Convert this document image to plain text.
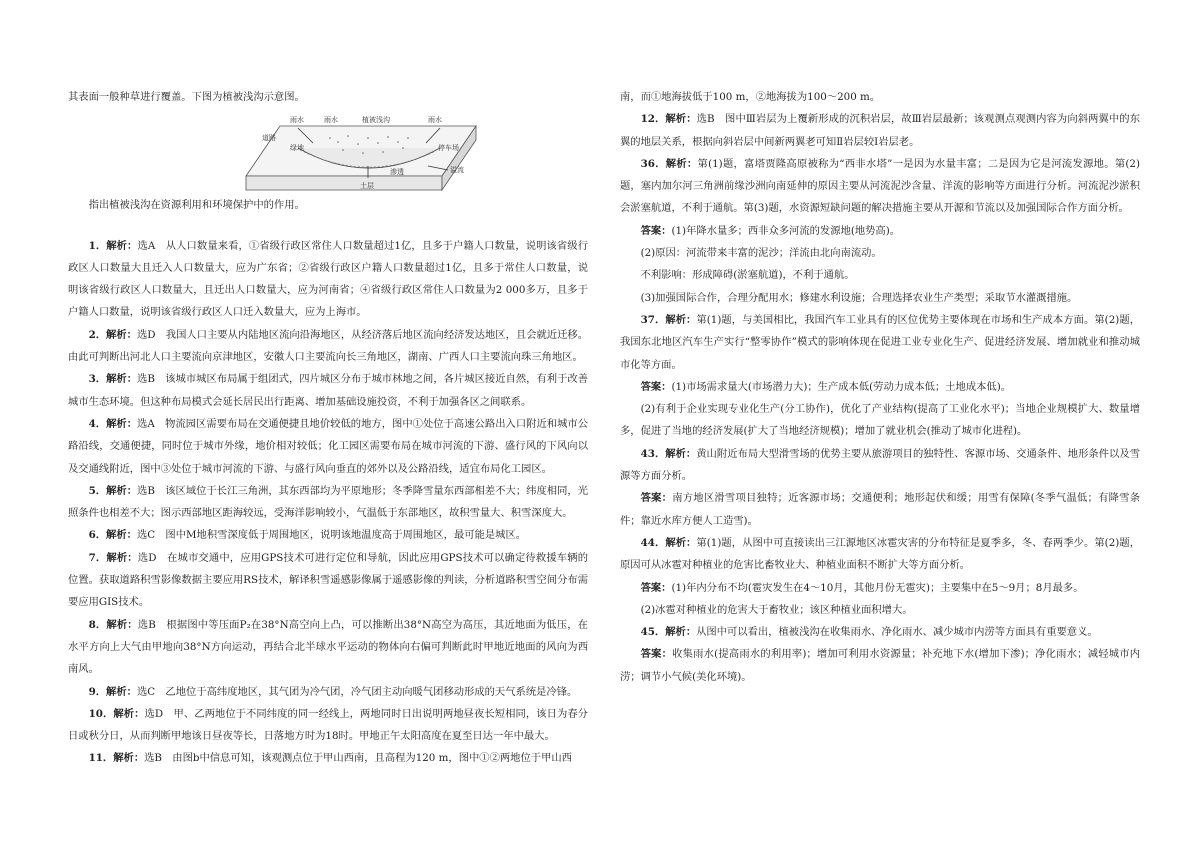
其表面一般种草进行覆盖。下图为植被浅沟示意图。

雨水
道路
绿地
雨水	植被浅沟	雨水
停车场
土层
渗透	溢流

指出植被浅沟在资源利用和环境保护中的作用。

1．解析：选A　从人口数量来看，①省级行政区常住人口数量超过1亿，且多于户籍人口数量，说明该省级行政区人口数量大且迁入人口数量大，应为广东省；②省级行政区户籍人口数量超过1亿，且多于常住人口数量，说明该省级行政区人口数量大，且迁出人口数量大，应为河南省；④省级行政区常住人口数量为2 000多万，且多于户籍人口数量，说明该省级行政区人口迁入数量大，应为上海市。

2．解析：选D　我国人口主要从内陆地区流向沿海地区，从经济落后地区流向经济发达地区，且会就近迁移。由此可判断出河北人口主要流向京津地区，安徽人口主要流向长三角地区，湖南、广西人口主要流向珠三角地区。

3．解析：选B　该城市城区布局属于组团式，四片城区分布于城市林地之间，各片城区接近自然，有利于改善城市生态环境。但这种布局模式会延长居民出行距离、增加基础设施投资，不利于加强各区之间联系。

4．解析：选A　物流园区需要布局在交通便捷且地价较低的地方，图中①处位于高速公路出入口附近和城市公路沿线，交通便捷，同时位于城市外缘，地价相对较低；化工园区需要布局在城市河流的下游、盛行风的下风向以及交通线附近，图中③处位于城市河流的下游、与盛行风向垂直的郊外以及公路沿线，适宜布局化工园区。

5．解析：选B　该区域位于长江三角洲，其东西部均为平原地形；冬季降雪量东西部相差不大；纬度相同，光照条件也相差不大；图示西部地区距海较远，受海洋影响较小，气温低于东部地区，故积雪量大、积雪深度大。

6．解析：选C　图中M地积雪深度低于周围地区，说明该地温度高于周围地区，最可能是城区。

7．解析：选D　在城市交通中，应用GPS技术可进行定位和导航，因此应用GPS技术可以确定待救援车辆的位置。获取道路积雪影像数据主要应用RS技术，解译积雪遥感影像属于遥感影像的判读，分析道路积雪空间分布需要应用GIS技术。

8．解析：选B　根据图中等压面P₂在38°N高空向上凸，可以推断出38°N高空为高压，其近地面为低压，在水平方向上大气由甲地向38°N方向运动，再结合北半球水平运动的物体向右偏可判断此时甲地近地面的风向为西南风。

9．解析：选C　乙地位于高纬度地区，其气团为冷气团，冷气团主动向暖气团移动形成的天气系统是冷锋。

10．解析：选D　甲、乙两地位于不同纬度的同一经线上，两地同时日出说明两地昼夜长短相同，该日为春分日或秋分日，从而判断甲地该日昼夜等长，日落地方时为18时。甲地正午太阳高度在夏至日达一年中最大。

11．解析：选B　由图b中信息可知，该观测点位于甲山西南，且高程为120 m，图中①②两地位于甲山西

南，而①地海拔低于100 m，②地海拔为100～200 m。

12．解析：选B　图中Ⅲ岩层为上覆新形成的沉积岩层，故Ⅲ岩层最新；该观测点观测内容为向斜两翼中的东翼的地层关系，根据向斜岩层中间新两翼老可知Ⅱ岩层较Ⅰ岩层老。

36．解析：第(1)题，富塔贾隆高原被称为“西非水塔”一是因为水量丰富；二是因为它是河流发源地。第(2)题，塞内加尔河三角洲前缘沙洲向南延伸的原因主要从河流泥沙含量、洋流的影响等方面进行分析。河流泥沙淤积会淤塞航道，不利于通航。第(3)题，水资源短缺问题的解决措施主要从开源和节流以及加强国际合作方面分析。

答案：(1)年降水量多；西非众多河流的发源地(地势高)。

(2)原因：河流带来丰富的泥沙；洋流由北向南流动。

不利影响：形成障碍(淤塞航道)，不利于通航。

(3)加强国际合作，合理分配用水；修建水利设施；合理选择农业生产类型；采取节水灌溉措施。

37．解析：第(1)题，与美国相比，我国汽车工业具有的区位优势主要体现在市场和生产成本方面。第(2)题，我国东北地区汽车生产实行“整零协作”模式的影响体现在促进工业专业化生产、促进经济发展、增加就业和推动城市化等方面。

答案：(1)市场需求量大(市场潜力大)；生产成本低(劳动力成本低；土地成本低)。

(2)有利于企业实现专业化生产(分工协作)，优化了产业结构(提高了工业化水平)；当地企业规模扩大、数量增多，促进了当地的经济发展(扩大了当地经济规模)；增加了就业机会(推动了城市化进程)。

43．解析：黄山附近布局大型滑雪场的优势主要从旅游项目的独特性、客源市场、交通条件、地形条件以及雪源等方面分析。

答案：南方地区滑雪项目独特；近客源市场；交通便利；地形起伏和缓；用雪有保障(冬季气温低；有降雪条件；靠近水库方便人工造雪)。

44．解析：第(1)题，从图中可直接读出三江源地区冰雹灾害的分布特征是夏季多，冬、春两季少。第(2)题，原因可从冰雹对种植业的危害比畜牧业大、种植业面积不断扩大等方面分析。

答案：(1)年内分布不均(雹灾发生在4～10月，其他月份无雹灾)；主要集中在5～9月；8月最多。

(2)冰雹对种植业的危害大于畜牧业；该区种植业面积增大。

45．解析：从图中可以看出，植被浅沟在收集雨水、净化雨水、减少城市内涝等方面具有重要意义。

答案：收集雨水(提高雨水的利用率)；增加可利用水资源量；补充地下水(增加下渗)；净化雨水；减轻城市内涝；调节小气候(美化环境)。
